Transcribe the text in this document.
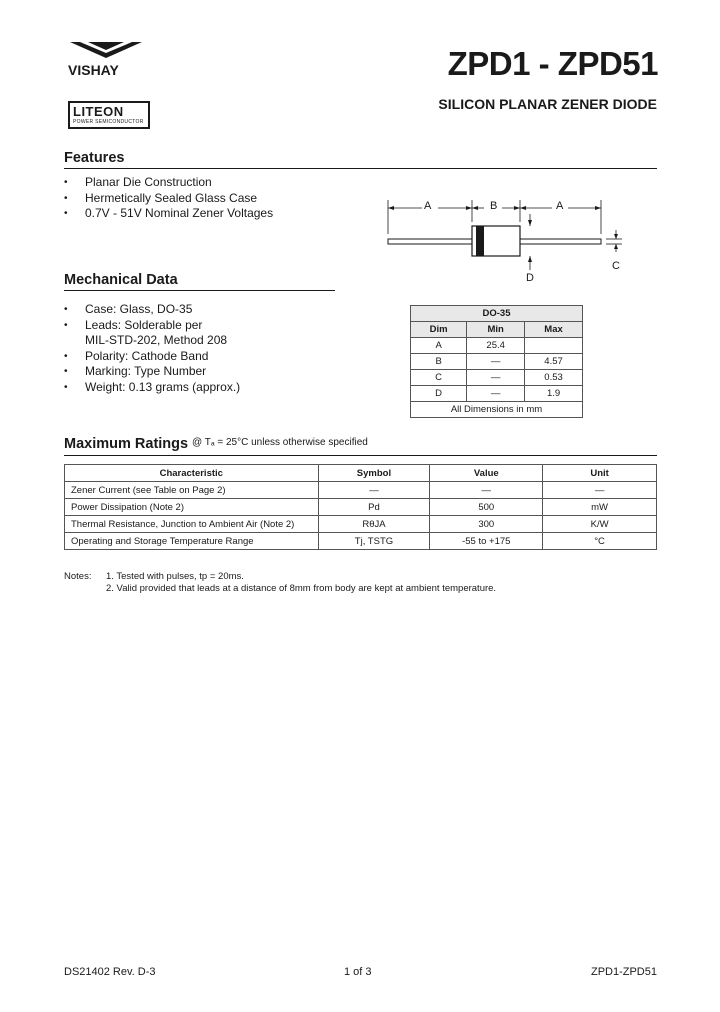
VISHAY
LITEON
POWER SEMICONDUCTOR
ZPD1 - ZPD51
SILICON PLANAR ZENER DIODE
Features
• Planar Die Construction
• Hermetically Sealed Glass Case
• 0.7V - 51V Nominal Zener Voltages	A	B	A
C
D
Mechanical Data
• Case: Glass, DO-35
• Leads: Solderable per
MIL-STD-202, Method 208
• Polarity: Cathode Band
• Marking: Type Number
• Weight: 0.13 grams (approx.)
DO-35		
Dim	Min	Max
A	25.4	
B	—	4.57
C	—	0.53
D	—	1.9
All Dimensions in mm		
Maximum Ratings @ Tₐ = 25°C unless otherwise specified
Characteristic	Symbol	Value	Unit
Zener Current (see Table on Page 2)	—	—	—
Power Dissipation (Note 2)	Pd	500	mW
Thermal Resistance, Junction to Ambient Air (Note 2)	RθJA	300	K/W
Operating and Storage Temperature Range	Tj, TSTG	-55 to +175	°C
Notes: 1. Tested with pulses, tp = 20ms.
2. Valid provided that leads at a distance of 8mm from body are kept at ambient temperature.
DS21402 Rev. D-3	1 of 3	ZPD1-ZPD51
